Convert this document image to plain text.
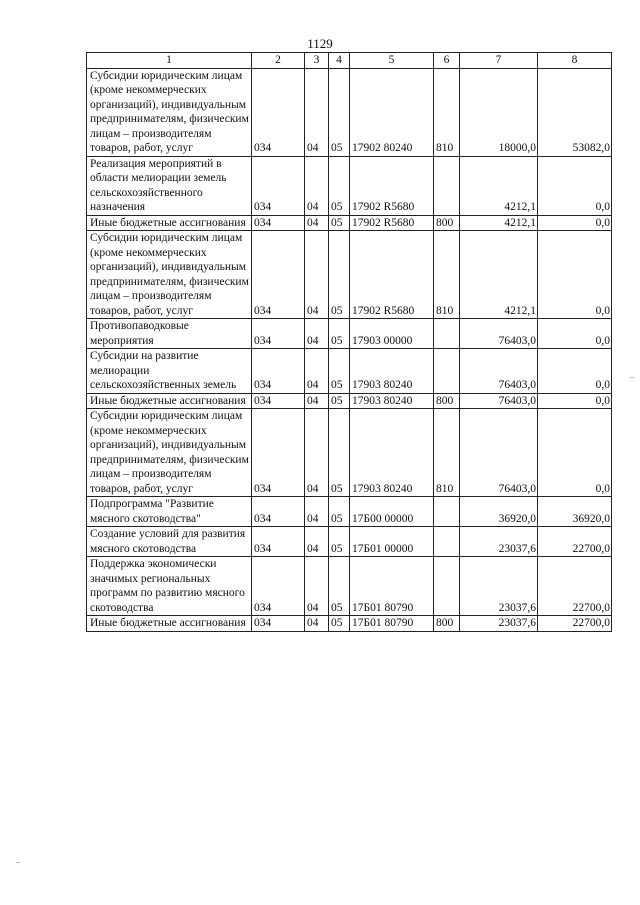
1129
1	2	3	4	5	6	7	8
Субсидии юридическим лицам (кроме некоммерческих организаций), индивидуальным предпринимателям, физическим лицам – производителям товаров, работ, услуг	034	04	05	17902 80240	810	18000,0	53082,0
Реализация мероприятий в области мелиорации земель сельскохозяйственного назначения	034	04	05	17902 R5680		4212,1	0,0
Иные бюджетные ассигнования	034	04	05	17902 R5680	800	4212,1	0,0
Субсидии юридическим лицам (кроме некоммерческих организаций), индивидуальным предпринимателям, физическим лицам – производителям товаров, работ, услуг	034	04	05	17902 R5680	810	4212,1	0,0
Противопаводковые мероприятия	034	04	05	17903 00000		76403,0	0,0
Субсидии на развитие мелиорации сельскохозяйственных земель	034	04	05	17903 80240		76403,0	0,0
Иные бюджетные ассигнования	034	04	05	17903 80240	800	76403,0	0,0
Субсидии юридическим лицам (кроме некоммерческих организаций), индивидуальным предпринимателям, физическим лицам – производителям товаров, работ, услуг	034	04	05	17903 80240	810	76403,0	0,0
Подпрограмма "Развитие мясного скотоводства"	034	04	05	17Б00 00000		36920,0	36920,0
Создание условий для развития мясного скотоводства	034	04	05	17Б01 00000		23037,6	22700,0
Поддержка экономически значимых региональных программ по развитию мясного скотоводства	034	04	05	17Б01 80790		23037,6	22700,0
Иные бюджетные ассигнования	034	04	05	17Б01 80790	800	23037,6	22700,0
